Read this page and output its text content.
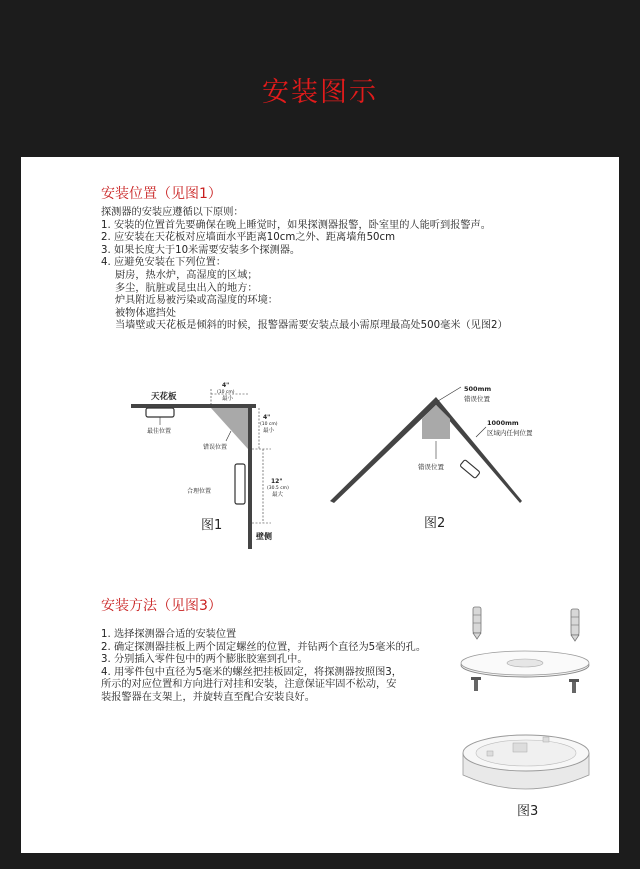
安装图示
安装位置（见图1）
探测器的安装应遵循以下原则：
1. 安装的位置首先要确保在晚上睡觉时，如果探测器报警，卧室里的人能听到报警声。
2. 应安装在天花板对应墙面水平距离10cm之外、距离墙角50cm
3. 如果长度大于10米需要安装多个探测器。
4. 应避免安装在下列位置：
厨房，热水炉，高湿度的区域；
多尘，肮脏或昆虫出入的地方：
炉具附近易被污染或高湿度的环境：
被物体遮挡处
当墙壁或天花板是倾斜的时候，报警器需要安装点最小需原理最高处500毫米（见图2）
天花板
4"
(10 cm)
最小
4"
(10 cm)
最小
12"
(30.5 cm)
最大
最佳位置
错误位置
合理位置
壁侧
图1
500mm
错误位置
1000mm
区域内任何位置
错误位置
图2
安装方法（见图3）
1. 选择探测器合适的安装位置
2. 确定探测器挂板上两个固定螺丝的位置，并钻两个直径为5毫米的孔。
3. 分别插入零件包中的两个膨胀胶塞到孔中。
4. 用零件包中直径为5毫米的螺丝把挂板固定，将探测器按照图3，
所示的对应位置和方向进行对挂和安装，注意保证牢固不松动，安
装报警器在支架上，并旋转直至配合安装良好。
图3
